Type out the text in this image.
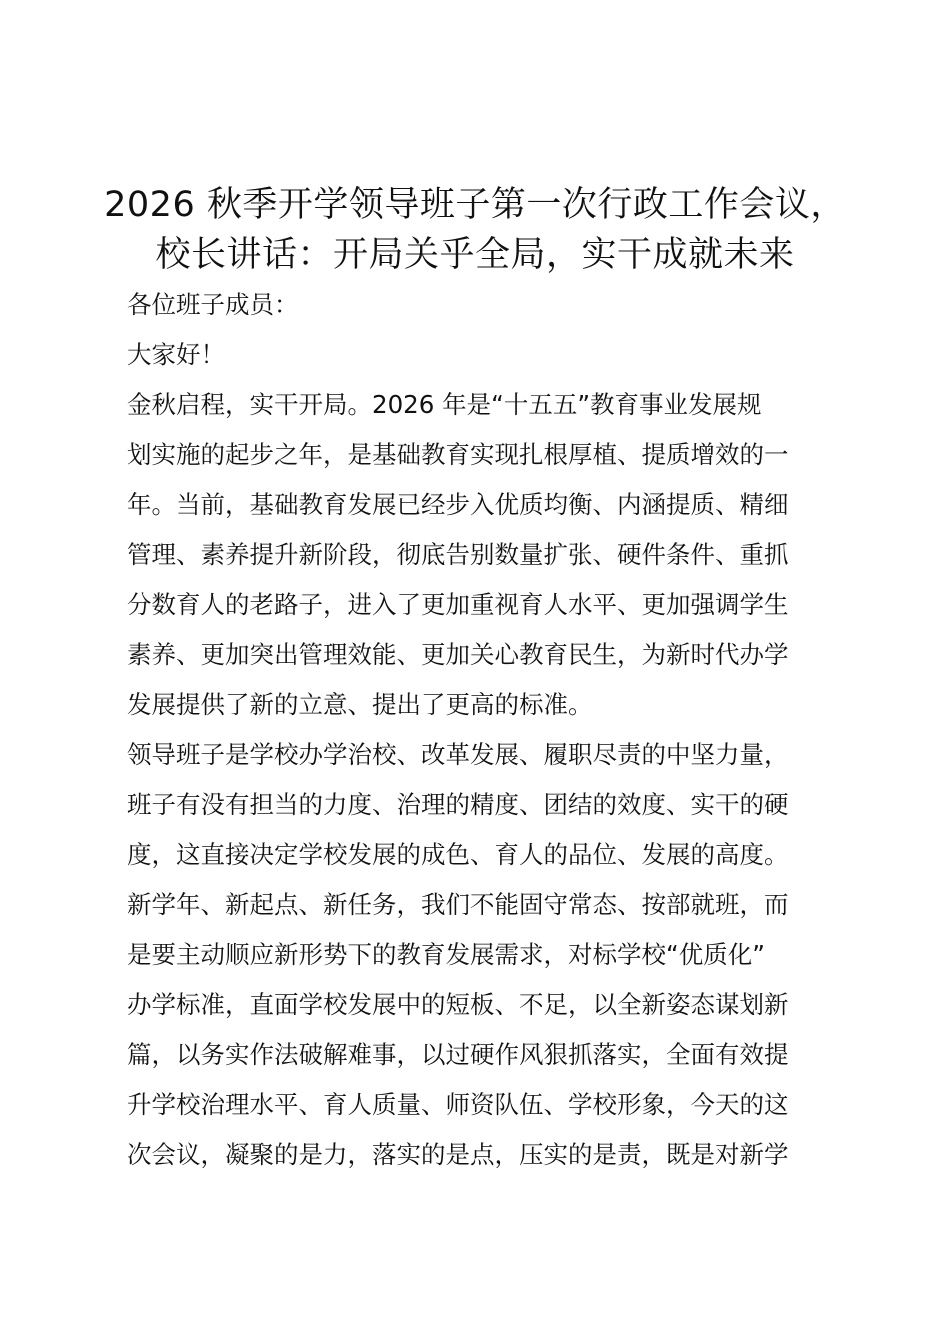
2026 秋季开学领导班子第一次行政工作会议，
校长讲话：开局关乎全局，实干成就未来
各位班子成员：
大家好！
金秋启程，实干开局。2026 年是“十五五”教育事业发展规
划实施的起步之年，是基础教育实现扎根厚植、提质增效的一
年。当前，基础教育发展已经步入优质均衡、内涵提质、精细
管理、素养提升新阶段，彻底告别数量扩张、硬件条件、重抓
分数育人的老路子，进入了更加重视育人水平、更加强调学生
素养、更加突出管理效能、更加关心教育民生，为新时代办学
发展提供了新的立意、提出了更高的标准。
领导班子是学校办学治校、改革发展、履职尽责的中坚力量，
班子有没有担当的力度、治理的精度、团结的效度、实干的硬
度，这直接决定学校发展的成色、育人的品位、发展的高度。
新学年、新起点、新任务，我们不能固守常态、按部就班，而
是要主动顺应新形势下的教育发展需求，对标学校“优质化”
办学标准，直面学校发展中的短板、不足，以全新姿态谋划新
篇，以务实作法破解难事，以过硬作风狠抓落实，全面有效提
升学校治理水平、育人质量、师资队伍、学校形象，今天的这
次会议，凝聚的是力，落实的是点，压实的是责，既是对新学
